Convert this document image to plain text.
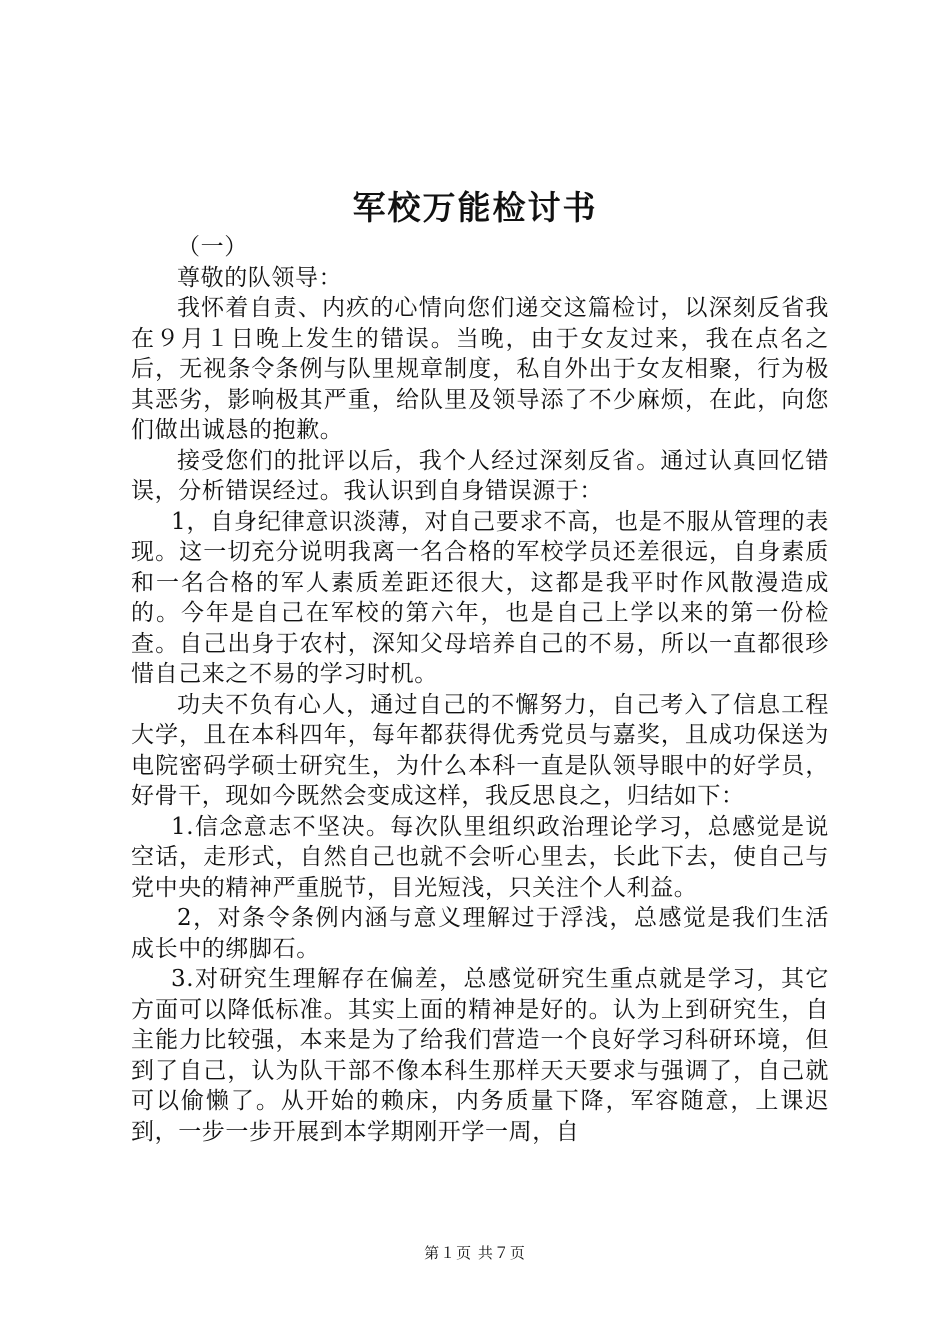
军校万能检讨书

（一）

尊敬的队领导：

我怀着自责、内疚的心情向您们递交这篇检讨，以深刻反省我在９月１日晚上发生的错误。当晚，由于女友过来，我在点名之后，无视条令条例与队里规章制度，私自外出于女友相聚，行为极其恶劣，影响极其严重，给队里及领导添了不少麻烦，在此，向您们做出诚恳的抱歉。

接受您们的批评以后，我个人经过深刻反省。通过认真回忆错误，分析错误经过。我认识到自身错误源于：

1，自身纪律意识淡薄，对自己要求不高，也是不服从管理的表现。这一切充分说明我离一名合格的军校学员还差很远，自身素质和一名合格的军人素质差距还很大，这都是我平时作风散漫造成的。今年是自己在军校的第六年，也是自己上学以来的第一份检查。自己出身于农村，深知父母培养自己的不易，所以一直都很珍惜自己来之不易的学习时机。

功夫不负有心人，通过自己的不懈努力，自己考入了信息工程大学，且在本科四年，每年都获得优秀党员与嘉奖，且成功保送为电院密码学硕士研究生，为什么本科一直是队领导眼中的好学员，好骨干，现如今既然会变成这样，我反思良之，归结如下：

1.信念意志不坚决。每次队里组织政治理论学习，总感觉是说空话，走形式，自然自己也就不会听心里去，长此下去，使自己与党中央的精神严重脱节，目光短浅，只关注个人利益。

2，对条令条例内涵与意义理解过于浮浅，总感觉是我们生活成长中的绑脚石。

3.对研究生理解存在偏差，总感觉研究生重点就是学习，其它方面可以降低标准。其实上面的精神是好的。认为上到研究生，自主能力比较强，本来是为了给我们营造一个良好学习科研环境，但到了自己，认为队干部不像本科生那样天天要求与强调了，自己就可以偷懒了。从开始的赖床，内务质量下降，军容随意，上课迟到，一步一步开展到本学期刚开学一周，自

第１页 共７页
